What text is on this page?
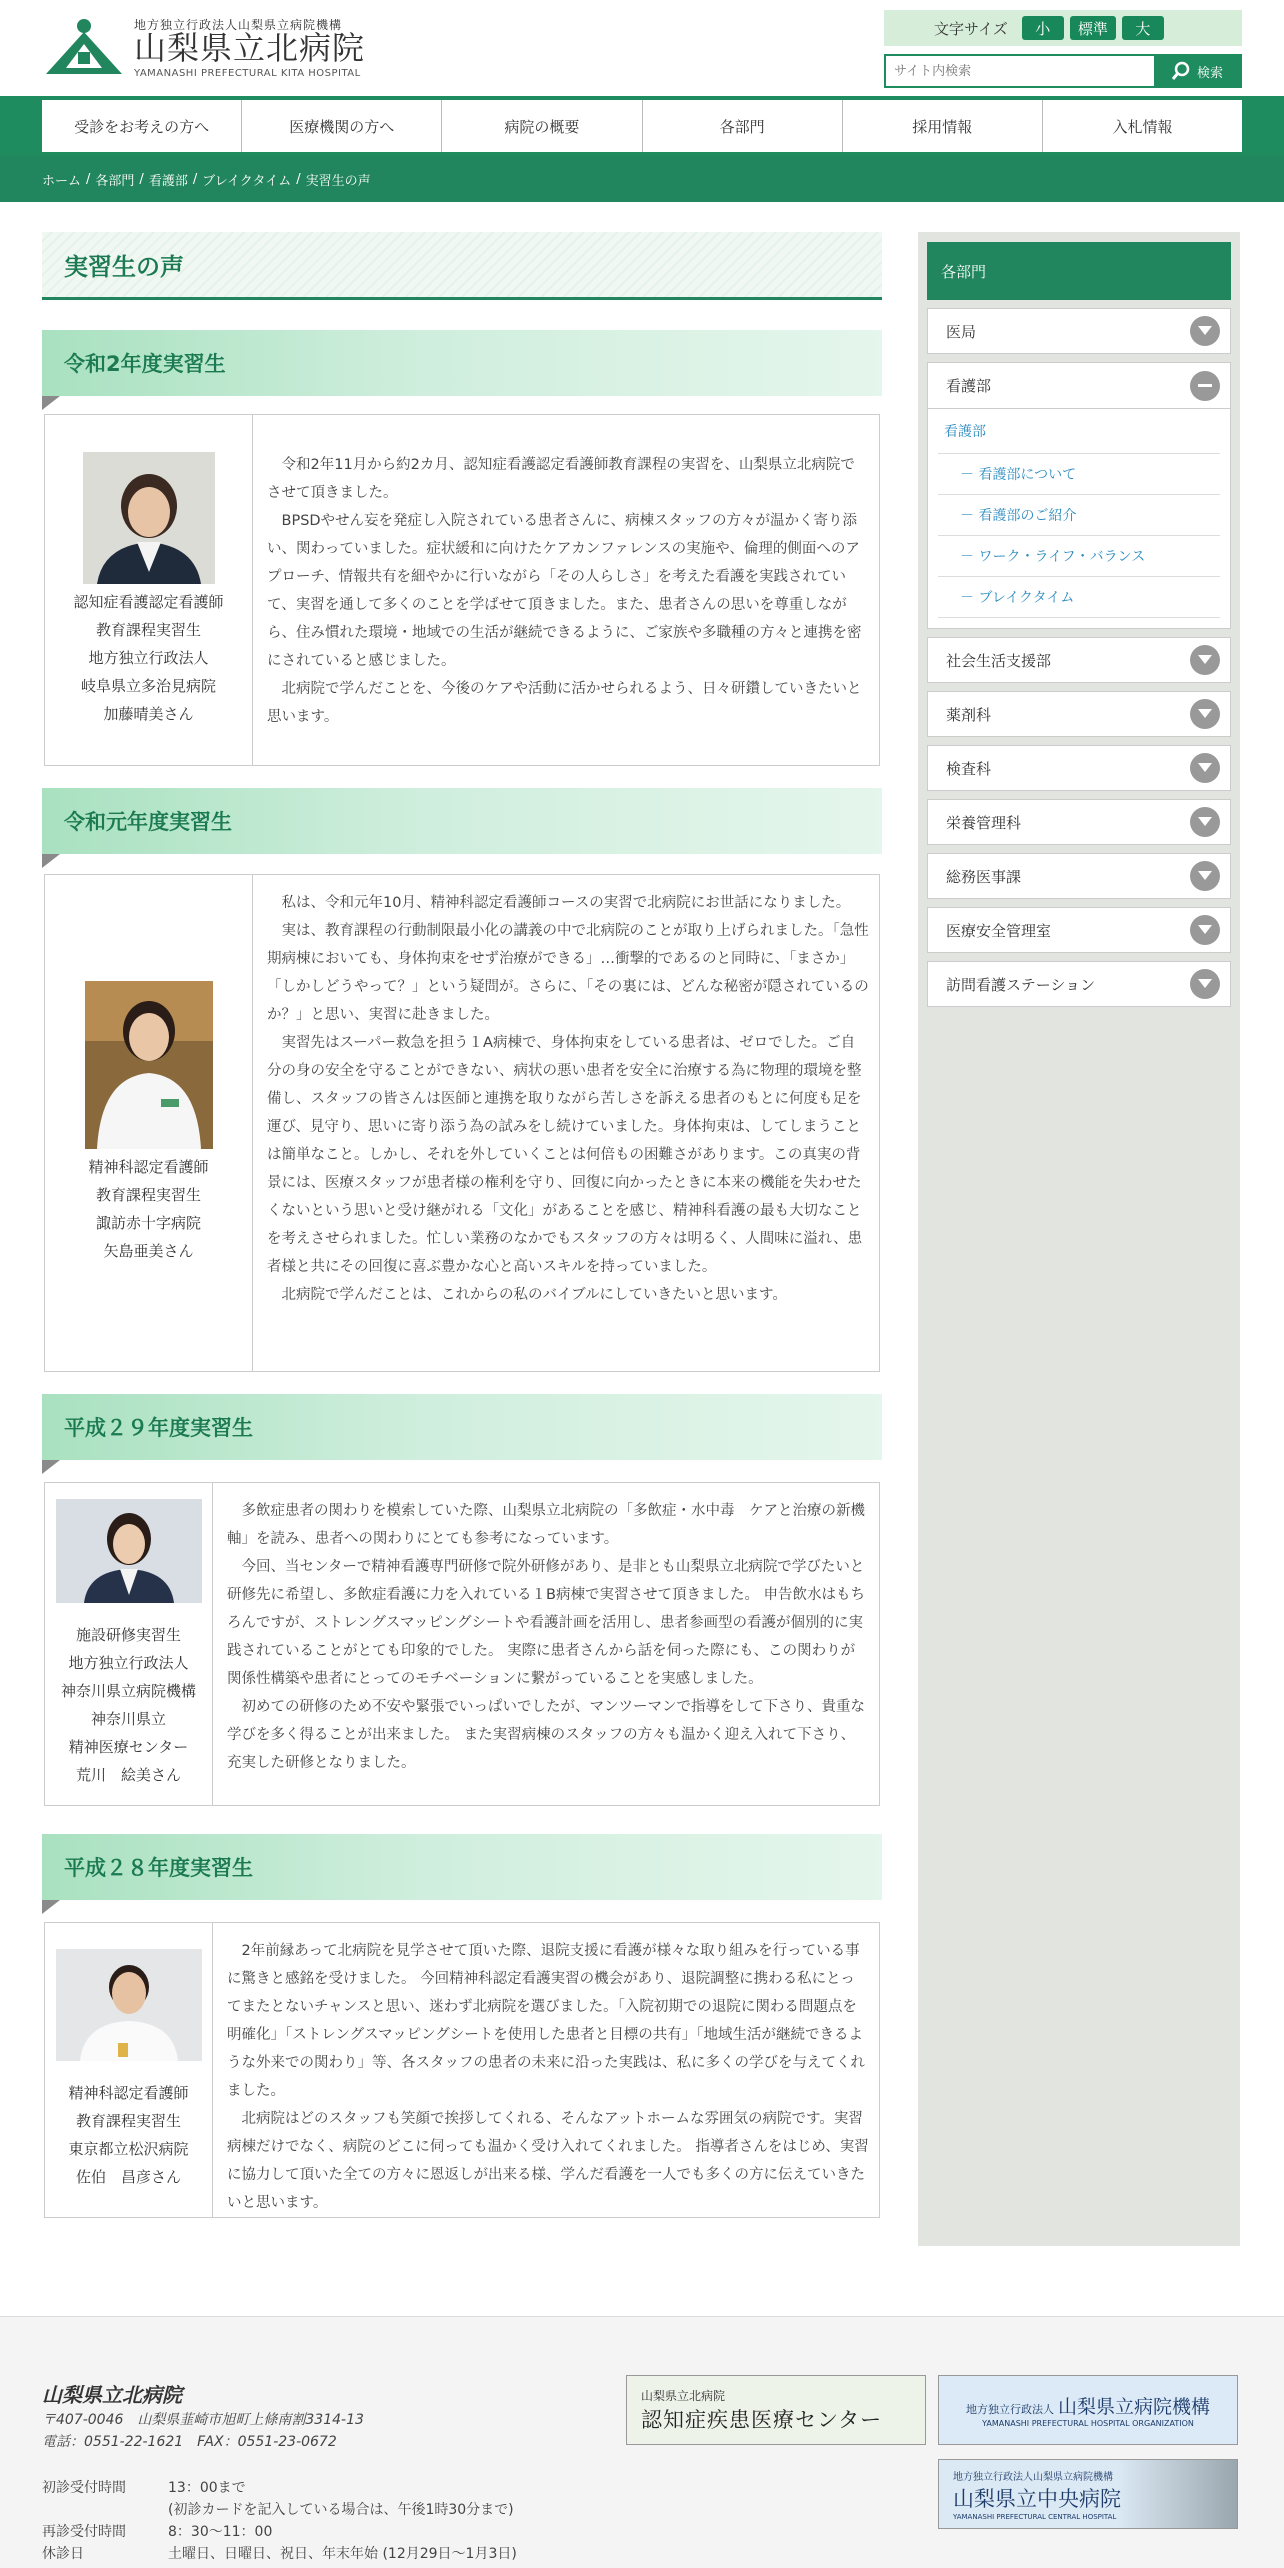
地方独立行政法人山梨県立病院機構
山梨県立北病院
YAMANASHI PREFECTURAL KITA HOSPITAL
文字サイズ	小	標準	大
サイト内検索
検索
受診をお考えの方へ	医療機関の方へ	病院の概要	各部門	採用情報	入札情報
ホーム / 各部門 / 看護部 / ブレイクタイム / 実習生の声
実習生の声
令和2年度実習生
認知症看護認定看護師
教育課程実習生
地方独立行政法人
岐阜県立多治見病院
加藤晴美さん
　令和2年11月から約2カ月、認知症看護認定看護師教育課程の実習を、山梨県立北病院でさせて頂きました。
　BPSDやせん妄を発症し入院されている患者さんに、病棟スタッフの方々が温かく寄り添い、関わっていました。症状緩和に向けたケアカンファレンスの実施や、倫理的側面へのアプローチ、情報共有を細やかに行いながら「その人らしさ」を考えた看護を実践されていて、実習を通して多くのことを学ばせて頂きました。また、患者さんの思いを尊重しながら、住み慣れた環境・地域での生活が継続できるように、ご家族や多職種の方々と連携を密にされていると感じました。
　北病院で学んだことを、今後のケアや活動に活かせられるよう、日々研鑽していきたいと思います。
令和元年度実習生
精神科認定看護師
教育課程実習生
諏訪赤十字病院
矢島亜美さん
　私は、令和元年10月、精神科認定看護師コースの実習で北病院にお世話になりました。
　実は、教育課程の行動制限最小化の講義の中で北病院のことが取り上げられました。「急性期病棟においても、身体拘束をせず治療ができる」…衝撃的であるのと同時に、「まさか」「しかしどうやって？」という疑問が。さらに、「その裏には、どんな秘密が隠されているのか？」と思い、実習に赴きました。
　実習先はスーパー救急を担う１A病棟で、身体拘束をしている患者は、ゼロでした。ご自分の身の安全を守ることができない、病状の悪い患者を安全に治療する為に物理的環境を整備し、スタッフの皆さんは医師と連携を取りながら苦しさを訴える患者のもとに何度も足を運び、見守り、思いに寄り添う為の試みをし続けていました。身体拘束は、してしまうことは簡単なこと。しかし、それを外していくことは何倍もの困難さがあります。この真実の背景には、医療スタッフが患者様の権利を守り、回復に向かったときに本来の機能を失わせたくないという思いと受け継がれる「文化」があることを感じ、精神科看護の最も大切なことを考えさせられました。忙しい業務のなかでもスタッフの方々は明るく、人間味に溢れ、患者様と共にその回復に喜ぶ豊かな心と高いスキルを持っていました。
　北病院で学んだことは、これからの私のバイブルにしていきたいと思います。
平成２９年度実習生
施設研修実習生
地方独立行政法人
神奈川県立病院機構
神奈川県立
精神医療センター
荒川　絵美さん
　多飲症患者の関わりを模索していた際、山梨県立北病院の「多飲症・水中毒　ケアと治療の新機軸」を読み、患者への関わりにとても参考になっています。
　今回、当センターで精神看護専門研修で院外研修があり、是非とも山梨県立北病院で学びたいと研修先に希望し、多飲症看護に力を入れている１B病棟で実習させて頂きました。 申告飲水はもちろんですが、ストレングスマッピングシートや看護計画を活用し、患者参画型の看護が個別的に実践されていることがとても印象的でした。 実際に患者さんから話を伺った際にも、この関わりが関係性構築や患者にとってのモチベーションに繋がっていることを実感しました。
　初めての研修のため不安や緊張でいっぱいでしたが、マンツーマンで指導をして下さり、貴重な学びを多く得ることが出来ました。 また実習病棟のスタッフの方々も温かく迎え入れて下さり、充実した研修となりました。
平成２８年度実習生
精神科認定看護師
教育課程実習生
東京都立松沢病院
佐伯　昌彦さん
　2年前縁あって北病院を見学させて頂いた際、退院支援に看護が様々な取り組みを行っている事に驚きと感銘を受けました。 今回精神科認定看護実習の機会があり、退院調整に携わる私にとってまたとないチャンスと思い、迷わず北病院を選びました。「入院初期での退院に関わる問題点を明確化」「ストレングスマッピングシートを使用した患者と目標の共有」「地域生活が継続できるような外来での関わり」等、各スタッフの患者の未来に沿った実践は、私に多くの学びを与えてくれました。
　北病院はどのスタッフも笑顔で挨拶してくれる、そんなアットホームな雰囲気の病院です。実習病棟だけでなく、病院のどこに伺っても温かく受け入れてくれました。 指導者さんをはじめ、実習に協力して頂いた全ての方々に恩返しが出来る様、学んだ看護を一人でも多くの方に伝えていきたいと思います。
各部門
医局
看護部
看護部
－ 看護部について
－ 看護部のご紹介
－ ワーク・ライフ・バランス
－ ブレイクタイム
社会生活支援部
薬剤科
検査科
栄養管理科
総務医事課
医療安全管理室
訪問看護ステーション
山梨県立北病院
〒407-0046　山梨県韮崎市旭町上條南割3314-13
電話：0551-22-1621　FAX：0551-23-0672
初診受付時間	13：00まで
(初診カードを記入している場合は、午後1時30分まで)
再診受付時間	8：30～11：00
休診日	土曜日、日曜日、祝日、年末年始 (12月29日～1月3日)
山梨県立北病院
認知症疾患医療センター	地方独立行政法人 山梨県立病院機構
YAMANASHI PREFECTURAL HOSPITAL ORGANIZATION
地方独立行政法人山梨県立病院機構
山梨県立中央病院
YAMANASHI PREFECTURAL CENTRAL HOSPITAL
